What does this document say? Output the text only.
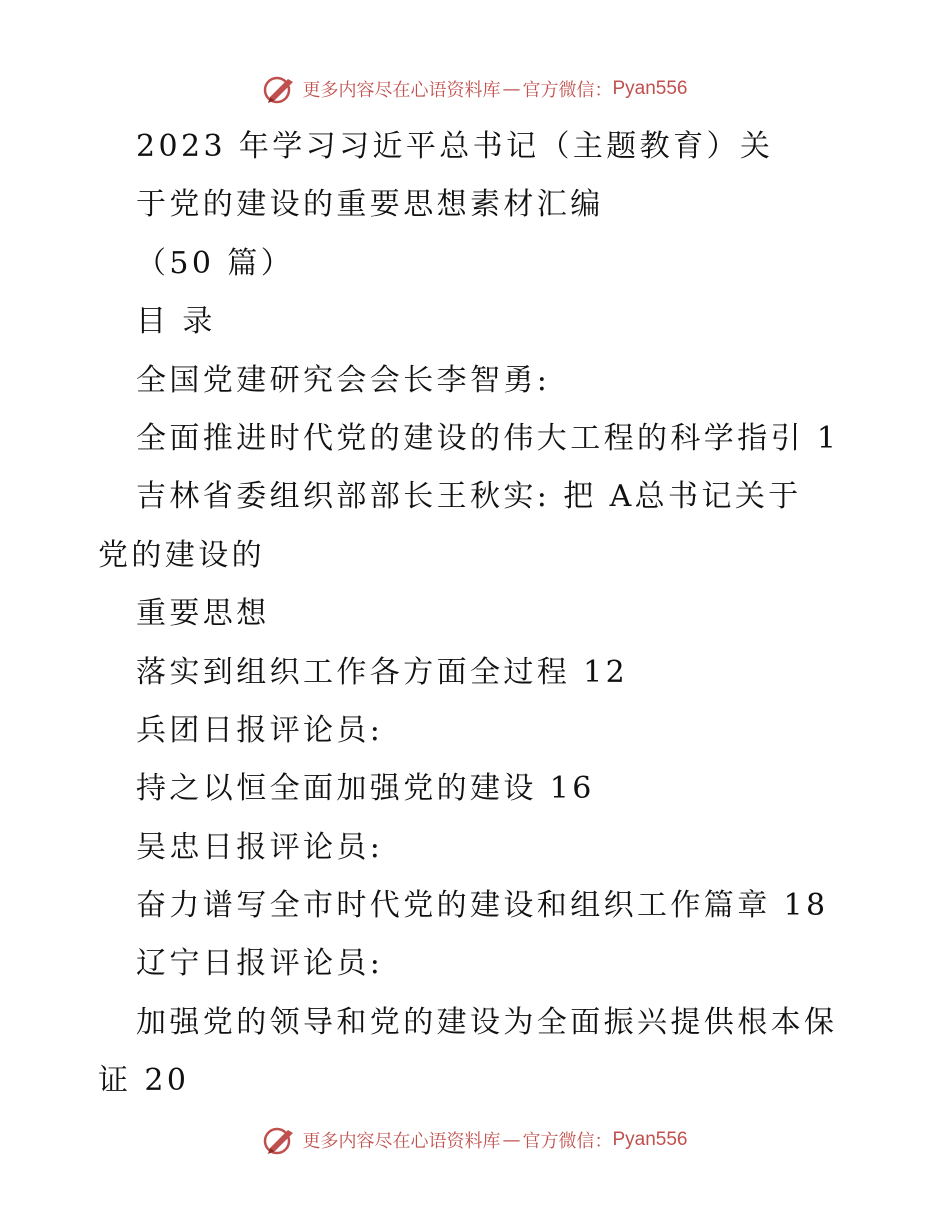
更多内容尽在心语资料库 — 官方微信： Pyan556
2023 年学习习近平总书记（主题教育）关
于党的建设的重要思想素材汇编
（50 篇）
目 录
全国党建研究会会长李智勇:
全面推进时代党的建设的伟大工程的科学指引 1
吉林省委组织部部长王秋实: 把 A总书记关于
党的建设的
重要思想
落实到组织工作各方面全过程 12
兵团日报评论员:
持之以恒全面加强党的建设 16
吴忠日报评论员:
奋力谱写全市时代党的建设和组织工作篇章 18
辽宁日报评论员:
加强党的领导和党的建设为全面振兴提供根本保
证 20
更多内容尽在心语资料库 — 官方微信： Pyan556
